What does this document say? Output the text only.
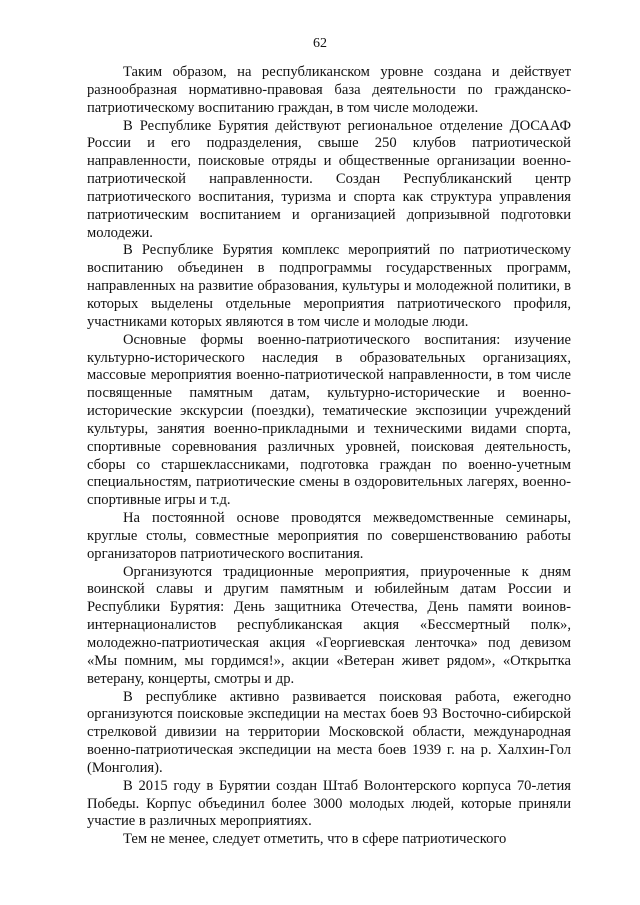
62

Таким образом, на республиканском уровне создана и действует разнообразная нормативно-правовая база деятельности по гражданско-патриотическому воспитанию граждан, в том числе молодежи.

В Республике Бурятия действуют региональное отделение ДОСААФ России и его подразделения, свыше 250 клубов патриотической направленности, поисковые отряды и общественные организации военно-патриотической направленности. Создан Республиканский центр патриотического воспитания, туризма и спорта как структура управления патриотическим воспитанием и организацией допризывной подготовки молодежи.

В Республике Бурятия комплекс мероприятий по патриотическому воспитанию объединен в подпрограммы государственных программ, направленных на развитие образования, культуры и молодежной политики, в которых выделены отдельные мероприятия патриотического профиля, участниками которых являются в том числе и молодые люди.

Основные формы военно-патриотического воспитания: изучение культурно-исторического наследия в образовательных организациях, массовые мероприятия военно-патриотической направленности, в том числе посвященные памятным датам, культурно-исторические и военно-исторические экскурсии (поездки), тематические экспозиции учреждений культуры, занятия военно-прикладными и техническими видами спорта, спортивные соревнования различных уровней, поисковая деятельность, сборы со старшеклассниками, подготовка граждан по военно-учетным специальностям, патриотические смены в оздоровительных лагерях, военно-спортивные игры и т.д.

На постоянной основе проводятся межведомственные семинары, круглые столы, совместные мероприятия по совершенствованию работы организаторов патриотического воспитания.

Организуются традиционные мероприятия, приуроченные к дням воинской славы и другим памятным и юбилейным датам России и Республики Бурятия: День защитника Отечества, День памяти воинов-интернационалистов республиканская акция «Бессмертный полк», молодежно-патриотическая акция «Георгиевская ленточка» под девизом «Мы помним, мы гордимся!», акции «Ветеран живет рядом», «Открытка ветерану, концерты, смотры и др.

В республике активно развивается поисковая работа, ежегодно организуются поисковые экспедиции на местах боев 93 Восточно-сибирской стрелковой дивизии на территории Московской области, международная военно-патриотическая экспедиции на места боев 1939 г. на р. Халхин-Гол (Монголия).

В 2015 году в Бурятии создан Штаб Волонтерского корпуса 70-летия Победы. Корпус объединил более 3000 молодых людей, которые приняли участие в различных мероприятиях.

Тем не менее, следует отметить, что в сфере патриотического
